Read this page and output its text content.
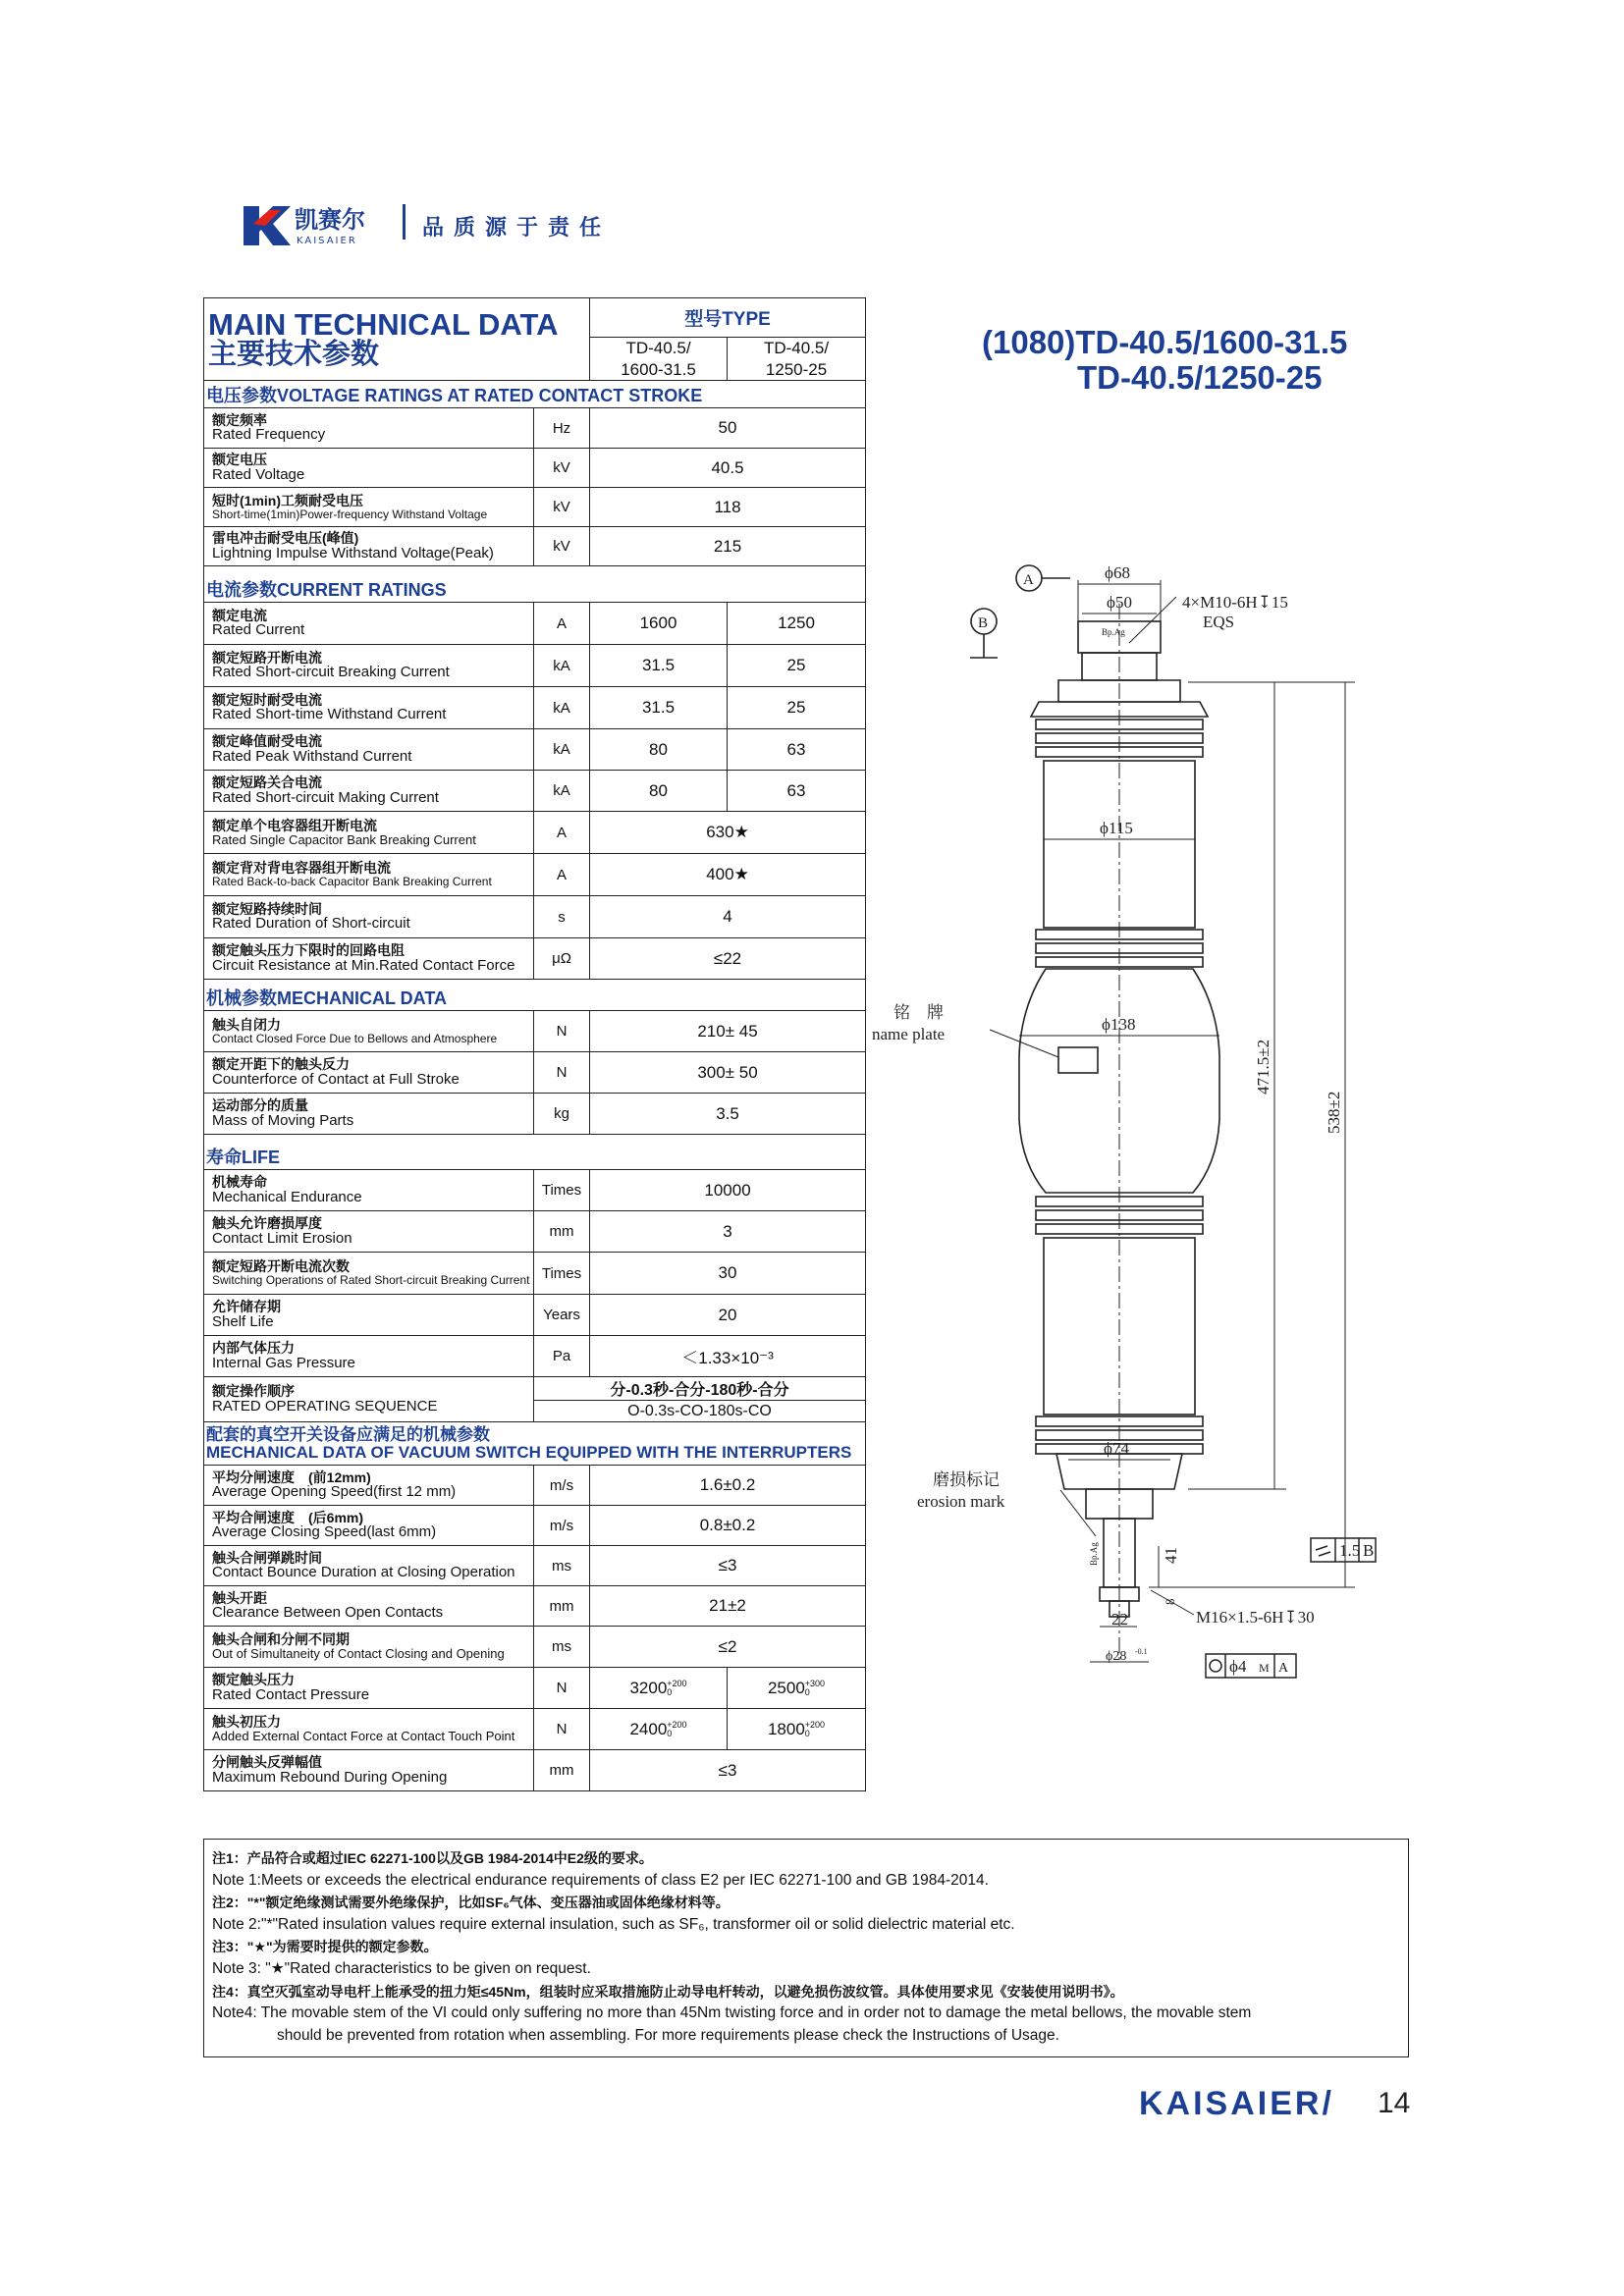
凯赛尔
KAISAIER
品质源于责任
(1080)TD-40.5/1600-31.5
TD-40.5/1250-25
MAIN TECHNICAL DATA
主要技术参数		型号TYPE	
		TD-40.5/
1600-31.5	TD-40.5/
1250-25
电压参数VOLTAGE RATINGS AT RATED CONTACT STROKE			

额定频率
Rated Frequency	Hz	50	

额定电压
Rated Voltage	kV	40.5	

短时(1min)工频耐受电压
Short-time(1min)Power-frequency Withstand Voltage	kV	118	

雷电冲击耐受电压(峰值)
Lightning Impulse Withstand Voltage(Peak)	kV	215	
电流参数CURRENT RATINGS			

额定电流
Rated Current	A	1600	1250

额定短路开断电流
Rated Short-circuit Breaking Current	kA	31.5	25

额定短时耐受电流
Rated Short-time Withstand Current	kA	31.5	25

额定峰值耐受电流
Rated Peak Withstand Current	kA	80	63

额定短路关合电流
Rated Short-circuit Making Current	kA	80	63

额定单个电容器组开断电流
Rated Single Capacitor Bank Breaking Current	A	630★	

额定背对背电容器组开断电流
Rated Back-to-back Capacitor Bank Breaking Current	A	400★	

额定短路持续时间
Rated Duration of Short-circuit	s	4	

额定触头压力下限时的回路电阻
Circuit Resistance at Min.Rated Contact Force	μΩ	≤22	
机械参数MECHANICAL DATA			

触头自闭力
Contact Closed Force Due to Bellows and Atmosphere	N	210± 45	

额定开距下的触头反力
Counterforce of Contact at Full Stroke	N	300± 50	

运动部分的质量
Mass of Moving Parts	kg	3.5	
寿命LIFE			

机械寿命
Mechanical Endurance	Times	10000	

触头允许磨损厚度
Contact Limit Erosion	mm	3	

额定短路开断电流次数
Switching Operations of Rated Short-circuit Breaking Current	Times	30	

允许储存期
Shelf Life	Years	20	

内部气体压力
Internal Gas Pressure	Pa	＜1.33×10⁻³	

额定操作顺序
RATED OPERATING SEQUENCE	分-0.3秒-合分-180秒-合分		
	O-0.3s-CO-180s-CO		

配套的真空开关设备应满足的机械参数
MECHANICAL DATA OF VACUUM SWITCH EQUIPPED WITH THE INTERRUPTERS			

平均分闸速度　(前12mm)
Average Opening Speed(first 12 mm)	m/s	1.6±0.2	

平均合闸速度　(后6mm)
Average Closing Speed(last 6mm)	m/s	0.8±0.2	

触头合闸弹跳时间
Contact Bounce Duration at Closing Operation	ms	≤3	

触头开距
Clearance Between Open Contacts	mm	21±2	

触头合闸和分闸不同期
Out of Simultaneity of Contact Closing and Opening	ms	≤2	

额定触头压力
Rated Contact Pressure	N	3200+200
0	2500+300
0

触头初压力
Added External Contact Force at Contact Touch Point	N	2400+200
0	1800+200
0

分闸触头反弹幅值
Maximum Rebound During Opening	mm	≤3	
注1：产品符合或超过IEC 62271-100以及GB 1984-2014中E2级的要求。
Note 1:Meets or exceeds the electrical endurance requirements of class E2 per IEC 62271-100 and GB 1984-2014.
注2："*"额定绝缘测试需要外绝缘保护，比如SF₆气体、变压器油或固体绝缘材料等。
Note 2:"*"Rated insulation values require external insulation, such as SF₆, transformer oil or solid dielectric material etc.
注3："★"为需要时提供的额定参数。
Note 3: "★"Rated characteristics to be given on request.
注4：真空灭弧室动导电杆上能承受的扭力矩≤45Nm，组装时应采取措施防止动导电杆转动，以避免损伤波纹管。具体使用要求见《安装使用说明书》。
Note4: The movable stem of the VI could only suffering no more than 45Nm twisting force and in order not to damage the metal bellows, the movable stem
should be prevented from rotation when assembling. For more requirements please check the Instructions of Usage.
A
B
ϕ68
ϕ50
Bp.Ag
4×M10-6H↧15
EQS
ϕ115
ϕ138
ϕ74
铭　牌
name plate
磨损标记
erosion mark
471.5±2
538±2
41
8
22
ϕ28 -0.1
M16×1.5-6H↧30
1.5 B
ϕ4 M A
Bp.Ag
KAISAIER/ 14
